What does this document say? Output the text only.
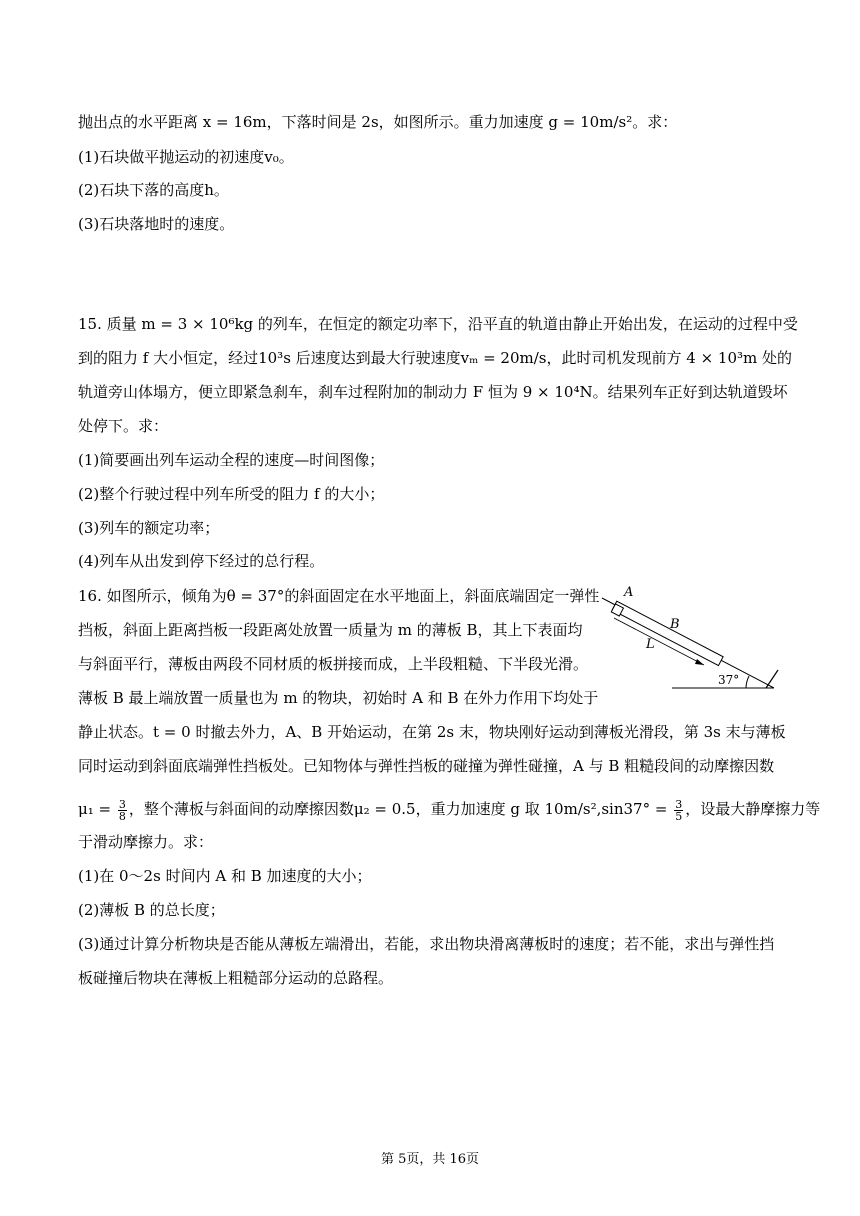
抛出点的水平距离 x = 16m，下落时间是 2s，如图所示。重力加速度 g = 10m/s²。求：
(1)石块做平抛运动的初速度v₀。
(2)石块下落的高度h。
(3)石块落地时的速度。
15. 质量 m = 3 × 10⁶kg 的列车，在恒定的额定功率下，沿平直的轨道由静止开始出发，在运动的过程中受
到的阻力 f 大小恒定，经过10³s 后速度达到最大行驶速度vₘ = 20m/s，此时司机发现前方 4 × 10³m 处的
轨道旁山体塌方，便立即紧急刹车，刹车过程附加的制动力 F 恒为 9 × 10⁴N。结果列车正好到达轨道毁坏
处停下。求：
(1)简要画出列车运动全程的速度—时间图像；
(2)整个行驶过程中列车所受的阻力 f 的大小；
(3)列车的额定功率；
(4)列车从出发到停下经过的总行程。
16. 如图所示，倾角为θ = 37°的斜面固定在水平地面上，斜面底端固定一弹性
挡板，斜面上距离挡板一段距离处放置一质量为 m 的薄板 B，其上下表面均
与斜面平行，薄板由两段不同材质的板拼接而成，上半段粗糙、下半段光滑。
薄板 B 最上端放置一质量也为 m 的物块，初始时 A 和 B 在外力作用下均处于
静止状态。t = 0 时撤去外力，A、B 开始运动，在第 2s 末，物块刚好运动到薄板光滑段，第 3s 末与薄板
同时运动到斜面底端弹性挡板处。已知物体与弹性挡板的碰撞为弹性碰撞，A 与 B 粗糙段间的动摩擦因数
$\mu_1 = \frac{3}{8}$ ，整个薄板与斜面间的动摩擦因数μ₂ = 0.5，重力加速度 g 取 $10m/s^2,\sin 37^\circ = \frac{3}{5}$ ，设最大静摩擦力等
于滑动摩擦力。求：
(1)在 0～2s 时间内 A 和 B 加速度的大小；
(2)薄板 B 的总长度；
(3)通过计算分析物块是否能从薄板左端滑出，若能，求出物块滑离薄板时的速度；若不能，求出与弹性挡
板碰撞后物块在薄板上粗糙部分运动的总路程。
A
B
L
37°
第 5页，共 16页
